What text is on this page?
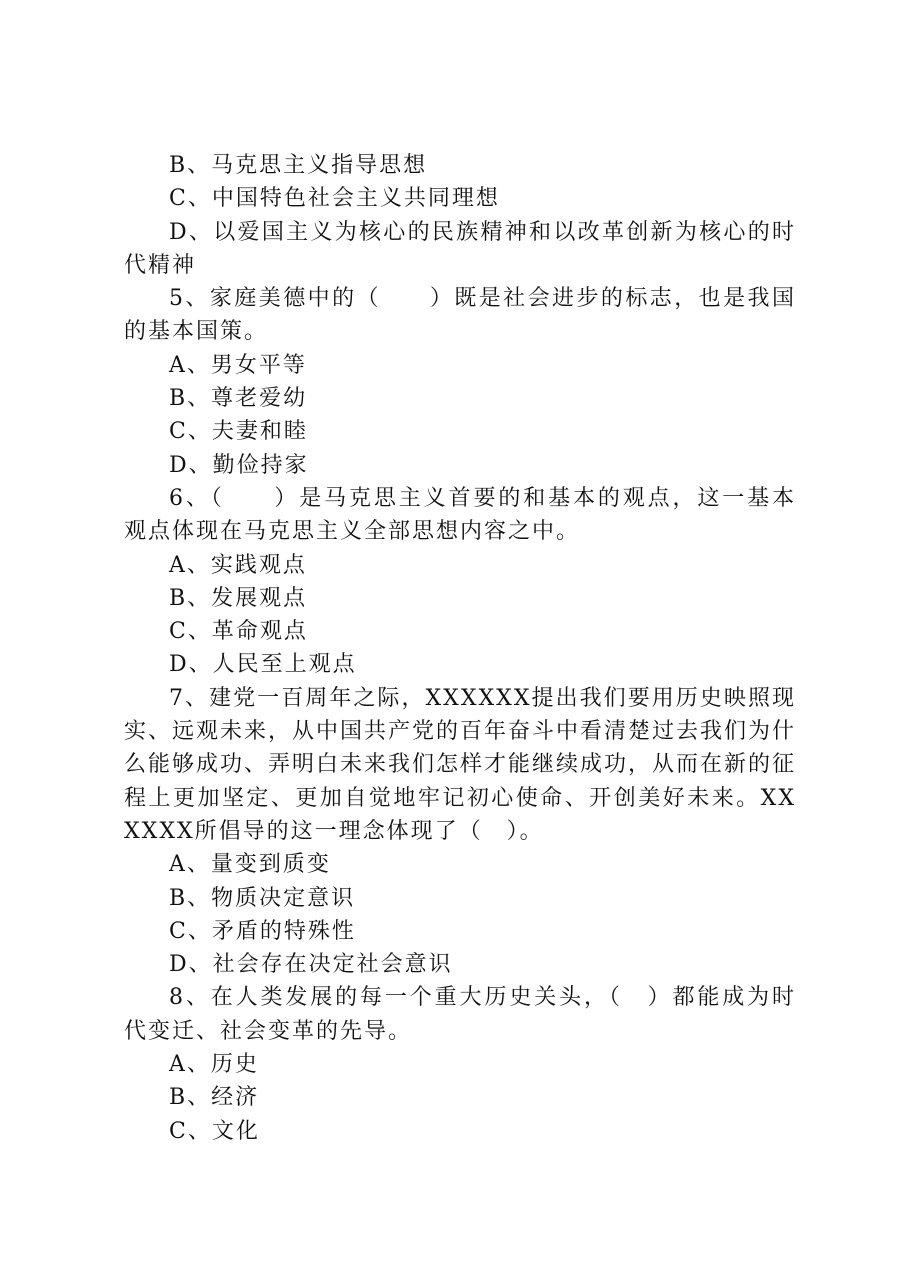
B、马克思主义指导思想

C、中国特色社会主义共同理想

D、以爱国主义为核心的民族精神和以改革创新为核心的时代精神

5、家庭美德中的（　　）既是社会进步的标志，也是我国的基本国策。

A、男女平等

B、尊老爱幼

C、夫妻和睦

D、勤俭持家

6、（　　）是马克思主义首要的和基本的观点，这一基本观点体现在马克思主义全部思想内容之中。

A、实践观点

B、发展观点

C、革命观点

D、人民至上观点

7、建党一百周年之际，XXXXXX提出我们要用历史映照现实、远观未来，从中国共产党的百年奋斗中看清楚过去我们为什么能够成功、弄明白未来我们怎样才能继续成功，从而在新的征程上更加坚定、更加自觉地牢记初心使命、开创美好未来。XXXXXX所倡导的这一理念体现了（　）。

A、量变到质变

B、物质决定意识

C、矛盾的特殊性

D、社会存在决定社会意识

8、在人类发展的每一个重大历史关头，（　）都能成为时代变迁、社会变革的先导。

A、历史

B、经济

C、文化
